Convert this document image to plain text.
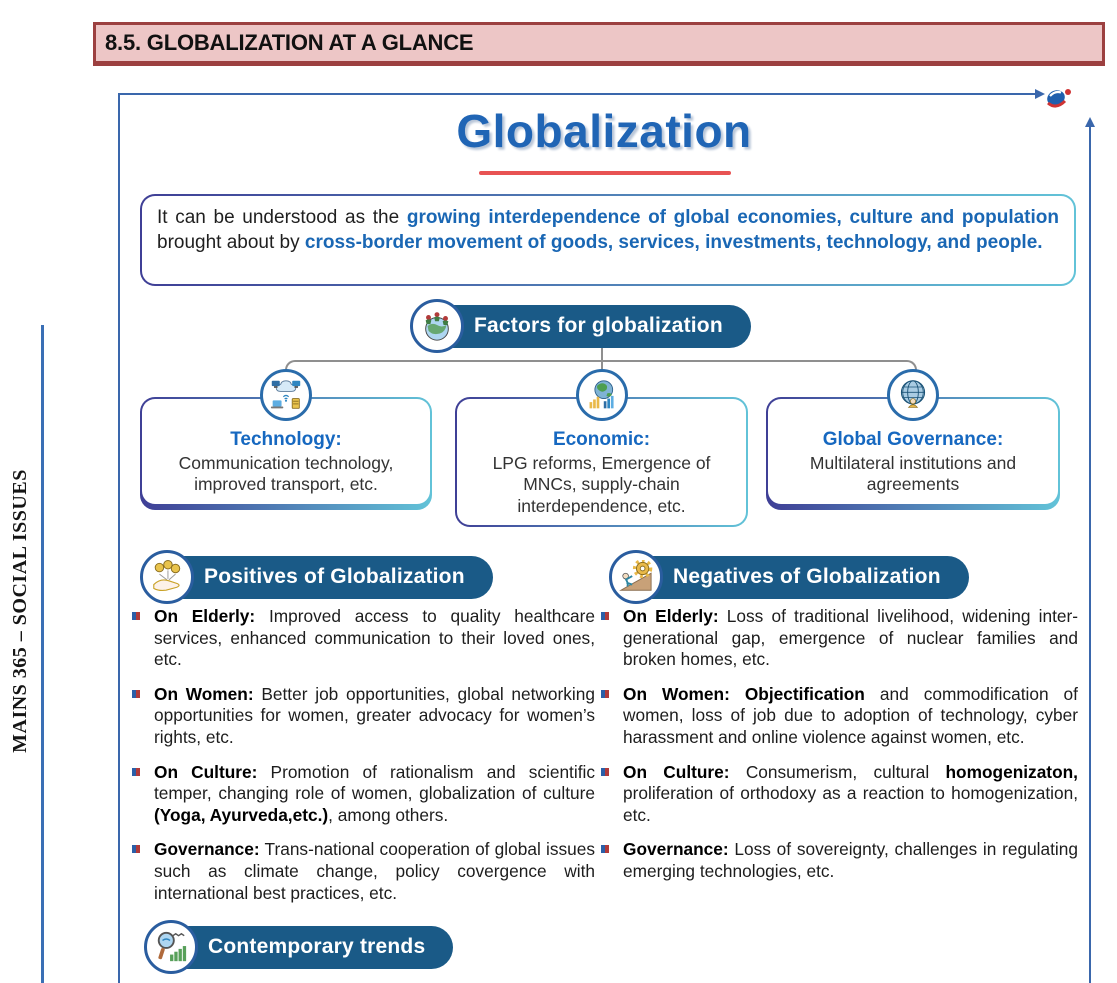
8.5. GLOBALIZATION AT A GLANCE
MAINS 365 – SOCIAL ISSUES
Globalization
It can be understood as the growing interdependence of global economies, culture and population brought about by cross-border movement of goods, services, investments, technology, and people.
Factors for globalization
Technology:
Communication technology, improved transport, etc.
Economic:
LPG reforms, Emergence of MNCs, supply-chain interdependence, etc.
Global Governance:
Multilateral institutions and agreements
Positives of Globalization	Negatives of Globalization
On Elderly: Improved access to quality healthcare services, enhanced communication to their loved ones, etc.
On Women: Better job opportunities, global networking opportunities for women, greater advocacy for women’s rights, etc.
On Culture: Promotion of rationalism and scientific temper, changing role of women, globalization of culture (Yoga, Ayurveda,etc.), among others.
Governance: Trans-national cooperation of global issues such as climate change, policy covergence with international best practices, etc.
On Elderly: Loss of traditional livelihood, widening inter-generational gap, emergence of nuclear families and broken homes, etc.
On Women: Objectification and commodification of women, loss of job due to adoption of technology, cyber harassment and online violence against women, etc.
On Culture: Consumerism, cultural homogenizaton, proliferation of orthodoxy as a reaction to homogenization, etc.
Governance: Loss of sovereignty, challenges in regulating emerging technologies, etc.
Contemporary trends
